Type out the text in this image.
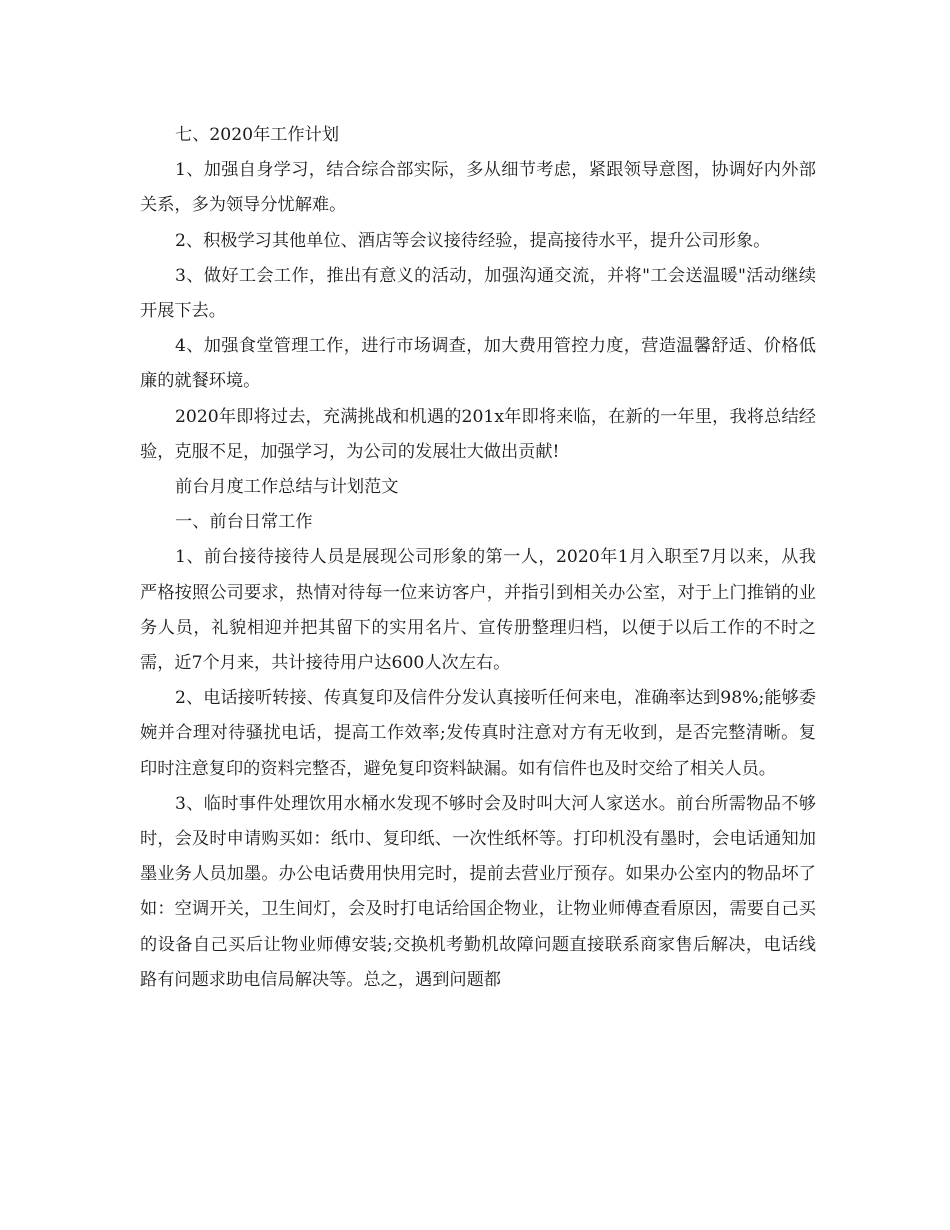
七、2020年工作计划

1、加强自身学习，结合综合部实际，多从细节考虑，紧跟领导意图，协调好内外部关系，多为领导分忧解难。

2、积极学习其他单位、酒店等会议接待经验，提高接待水平，提升公司形象。

3、做好工会工作，推出有意义的活动，加强沟通交流，并将"工会送温暖"活动继续开展下去。

4、加强食堂管理工作，进行市场调查，加大费用管控力度，营造温馨舒适、价格低廉的就餐环境。

2020年即将过去，充满挑战和机遇的201x年即将来临，在新的一年里，我将总结经验，克服不足，加强学习，为公司的发展壮大做出贡献!

前台月度工作总结与计划范文

一、前台日常工作

1、前台接待接待人员是展现公司形象的第一人，2020年1月入职至7月以来，从我严格按照公司要求，热情对待每一位来访客户，并指引到相关办公室，对于上门推销的业务人员，礼貌相迎并把其留下的实用名片、宣传册整理归档，以便于以后工作的不时之需，近7个月来，共计接待用户达600人次左右。

2、电话接听转接、传真复印及信件分发认真接听任何来电，准确率达到98%;能够委婉并合理对待骚扰电话，提高工作效率;发传真时注意对方有无收到，是否完整清晰。复印时注意复印的资料完整否，避免复印资料缺漏。如有信件也及时交给了相关人员。

3、临时事件处理饮用水桶水发现不够时会及时叫大河人家送水。前台所需物品不够时，会及时申请购买如：纸巾、复印纸、一次性纸杯等。打印机没有墨时，会电话通知加墨业务人员加墨。办公电话费用快用完时，提前去营业厅预存。如果办公室内的物品坏了如：空调开关，卫生间灯，会及时打电话给国企物业，让物业师傅查看原因，需要自己买的设备自己买后让物业师傅安装;交换机考勤机故障问题直接联系商家售后解决，电话线路有问题求助电信局解决等。总之，遇到问题都
